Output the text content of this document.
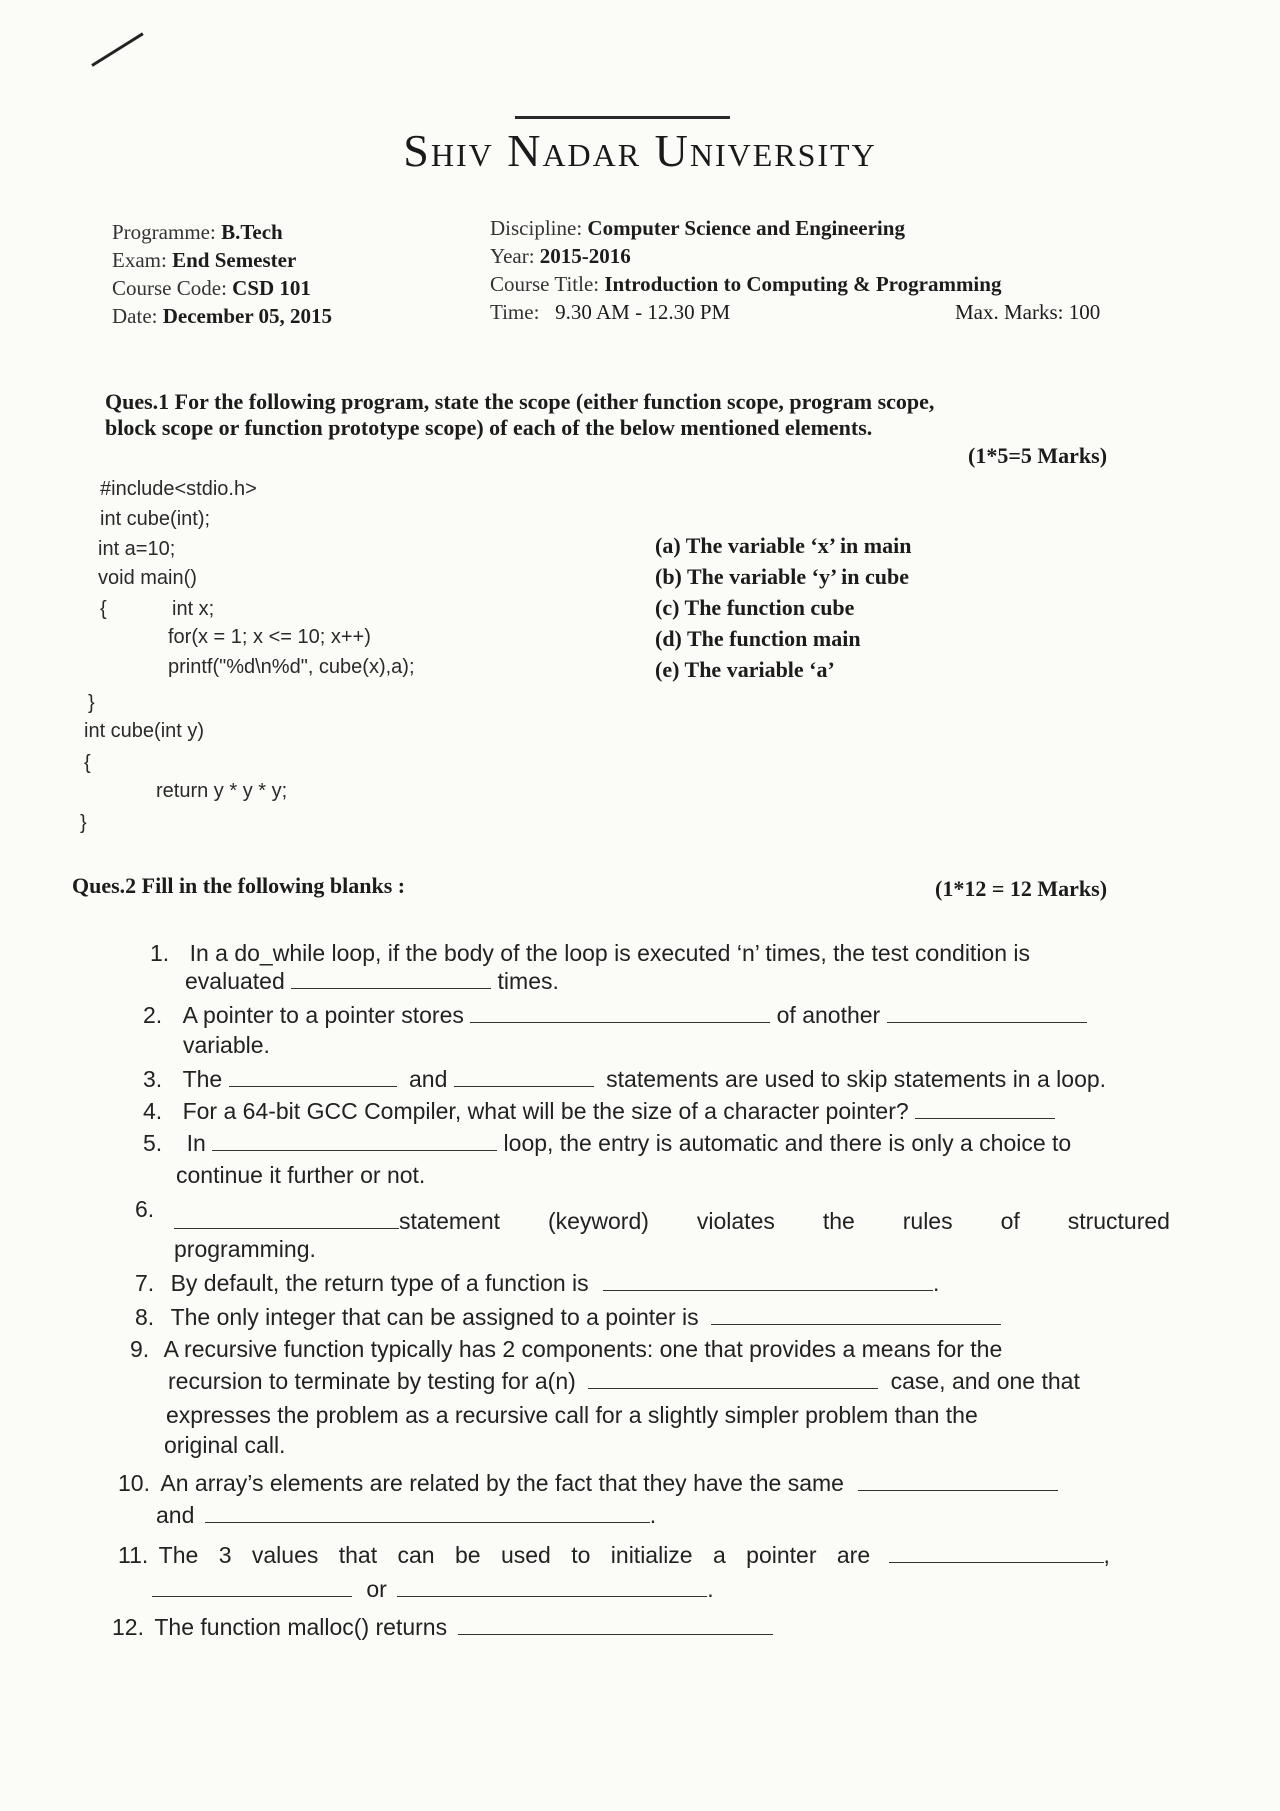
Shiv Nadar University
Programme: B.Tech
Exam: End Semester
Course Code: CSD 101
Date: December 05, 2015
Discipline: Computer Science and Engineering
Year: 2015-2016
Course Title: Introduction to Computing & Programming
Time: 9.30 AM - 12.30 PM	Max. Marks: 100
Ques.1 For the following program, state the scope (either function scope, program scope,
block scope or function prototype scope) of each of the below mentioned elements.
(1*5=5 Marks)
#include<stdio.h>
int cube(int);
int a=10;
void main()
{	int x;
for(x = 1; x <= 10; x++)
printf("%d\n%d", cube(x),a);
}
int cube(int y)
{
return y * y * y;
}
(a) The variable ‘x’ in main
(b) The variable ‘y’ in cube
(c) The function cube
(d) The function main
(e) The variable ‘a’
Ques.2 Fill in the following blanks :	(1*12 = 12 Marks)
1. In a do_while loop, if the body of the loop is executed ‘n’ times, the test condition is
evaluated	times.
2. A pointer to a pointer stores	of another
variable.
3. The	and	statements are used to skip statements in a loop.
4. For a 64-bit GCC Compiler, what will be the size of a character pointer?
5. In	loop, the entry is automatic and there is only a choice to
continue it further or not.
6.	statement (keyword) violates the rules of structured
programming.
7. By default, the return type of a function is	.
8. The only integer that can be assigned to a pointer is
9. A recursive function typically has 2 components: one that provides a means for the
recursion to terminate by testing for a(n)	case, and one that
expresses the problem as a recursive call for a slightly simpler problem than the
original call.
10. An array’s elements are related by the fact that they have the same
and	.
11. The 3 values that can be used to initialize a pointer are	,
or	.
12. The function malloc() returns
